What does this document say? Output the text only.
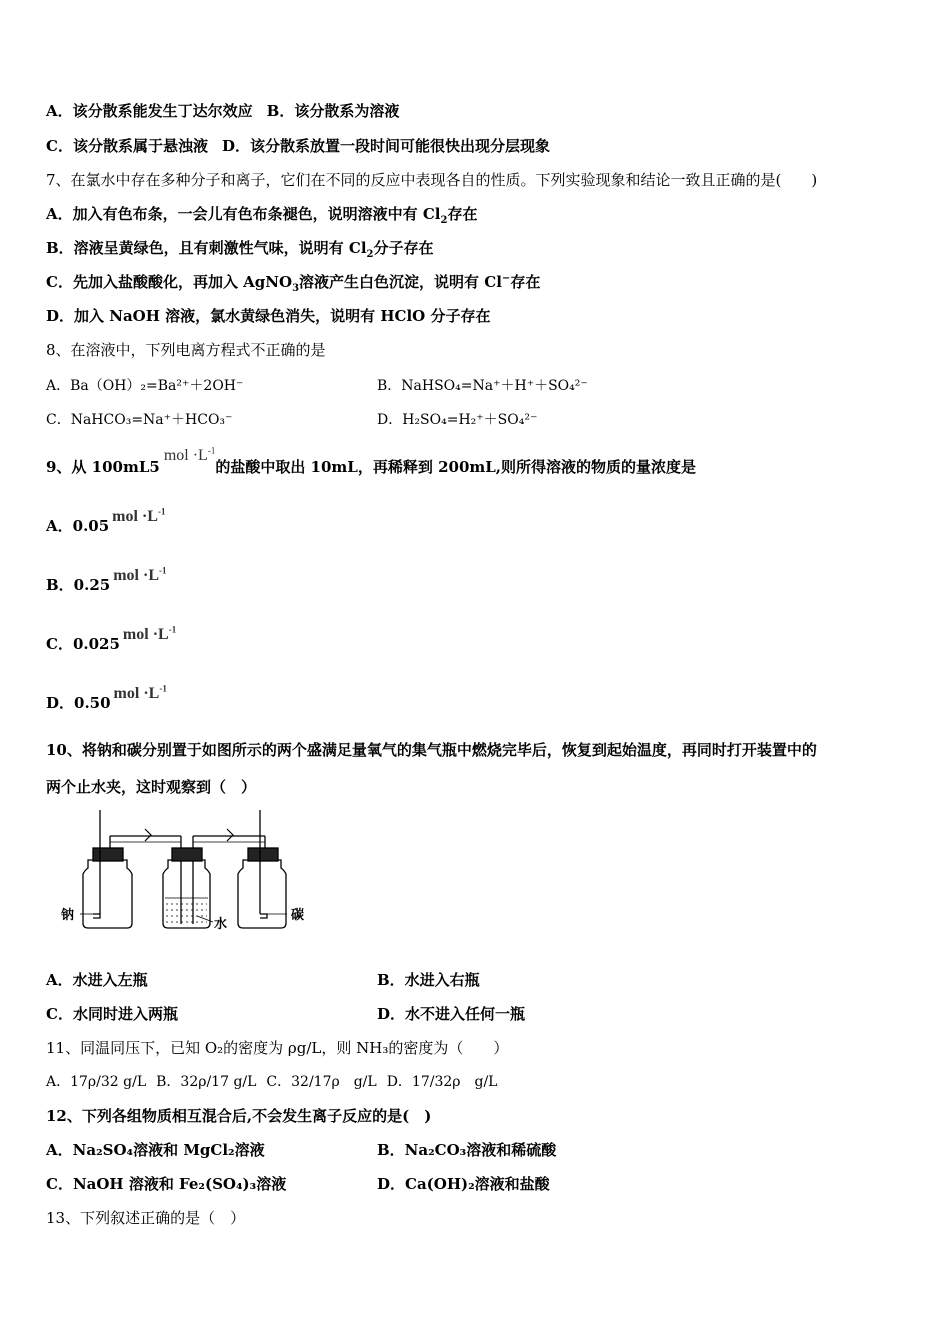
A．该分散系能发生丁达尔效应 B．该分散系为溶液
C．该分散系属于悬浊液 D．该分散系放置一段时间可能很快出现分层现象
7、在氯水中存在多种分子和离子，它们在不同的反应中表现各自的性质。下列实验现象和结论一致且正确的是(　　)
A．加入有色布条，一会儿有色布条褪色，说明溶液中有 $Cl_2$存在
B．溶液呈黄绿色，且有刺激性气味，说明有 $Cl_2$分子存在
C．先加入盐酸酸化，再加入 AgNO$_3$溶液产生白色沉淀，说明有 Cl−存在
D．加入 NaOH 溶液，氯水黄绿色消失，说明有 HClO 分子存在
8、在溶液中，下列电离方程式不正确的是
A．Ba（OH）₂=Ba²⁺＋2OH⁻	B．NaHSO₄=Na⁺＋H⁺＋SO₄²⁻
C．NaHCO₃=Na⁺＋HCO₃⁻	D．H₂SO₄=H₂⁺＋SO₄²⁻
9、从 $100mL5mol \cdot L^{-1}$的盐酸中取出 10mL，再稀释到 200mL,则所得溶液的物质的量浓度是
A．$0.05mol \cdot L^{-1}$
B．$0.25mol \cdot L^{-1}$
C．$0.025mol \cdot L^{-1}$
D．$0.50mol \cdot L^{-1}$
10、将钠和碳分别置于如图所示的两个盛满足量氧气的集气瓶中燃烧完毕后，恢复到起始温度，再同时打开装置中的
两个止水夹，这时观察到（　）
钠
水
碳
A．水进入左瓶	B．水进入右瓶
C．水同时进入两瓶	D．水不进入任何一瓶
11、同温同压下，已知 O₂的密度为 ρg/L，则 NH₃的密度为（　　）
A．17ρ/32 g/L B．32ρ/17 g/L C．32/17ρ　g/L D．17/32ρ　g/L
12、下列各组物质相互混合后,不会发生离子反应的是(　)
A．Na₂SO₄溶液和 MgCl₂溶液	B．Na₂CO₃溶液和稀硫酸
C．NaOH 溶液和 Fe₂(SO₄)₃溶液	D．Ca(OH)₂溶液和盐酸
13、下列叙述正确的是（　）
